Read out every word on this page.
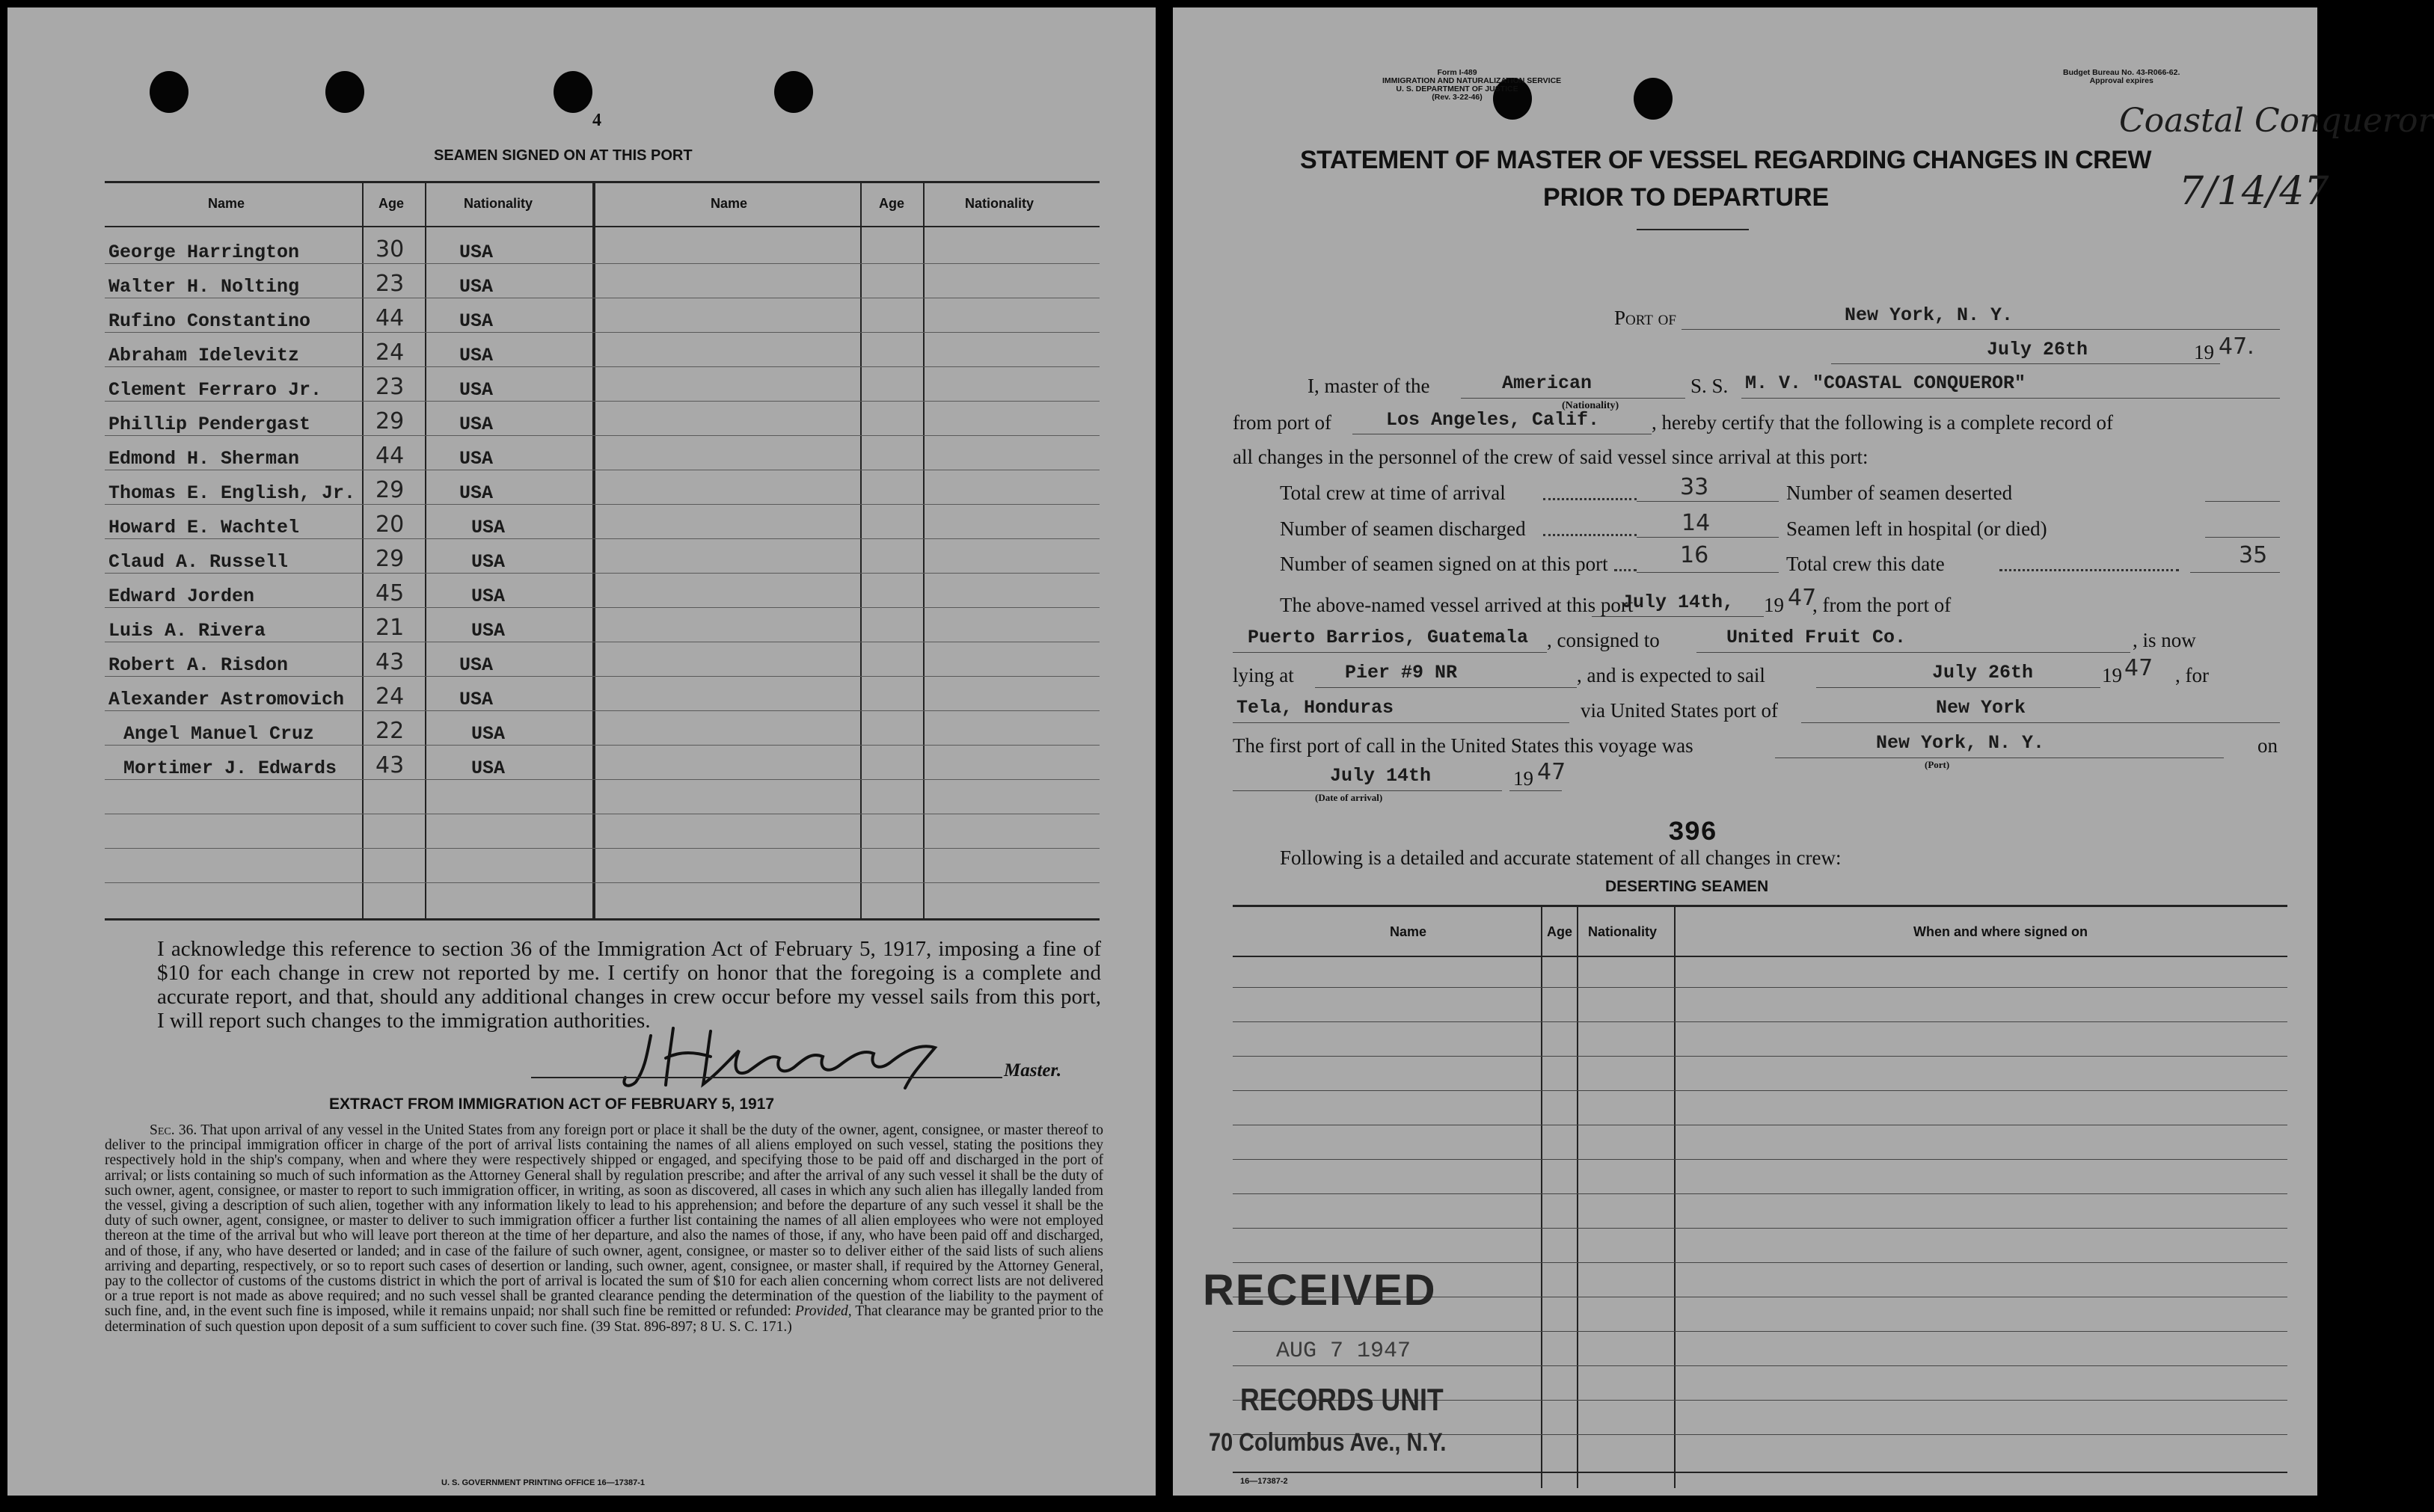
4
SEAMEN SIGNED ON AT THIS PORT
Name	Age	Nationality	Name	Age	Nationality
George Harrington	30	USA
Walter H. Nolting	23	USA
Rufino Constantino	44	USA
Abraham Idelevitz	24	USA
Clement Ferraro Jr. 23	USA
Phillip Pendergast	29	USA
Edmond H. Sherman	44	USA
Thomas E. English, Jr. 29	USA
Howard E. Wachtel	20	USA
Claud A. Russell	29	USA
Edward Jorden	45	USA
Luis A. Rivera	21	USA
Robert A. Risdon	43	USA
Alexander Astromovich 24	USA
Angel Manuel Cruz	22	USA
Mortimer J. Edwards 43	USA
I acknowledge this reference to section 36 of the Immigration Act of February 5, 1917, imposing a fine of $10 for each change in crew not reported by me. I certify on honor that the foregoing is a complete and accurate report, and that, should any additional changes in crew occur before my vessel sails from this port, I will report such changes to the immigration authorities.	JHStreeley
Master.
EXTRACT FROM IMMIGRATION ACT OF FEBRUARY 5, 1917
Sec. 36. That upon arrival of any vessel in the United States from any foreign port or place it shall be the duty of the owner, agent, consignee, or master thereof to deliver to the principal immigration officer in charge of the port of arrival lists containing the names of all aliens employed on such vessel, stating the positions they respectively hold in the ship's company, when and where they were respectively shipped or engaged, and specifying those to be paid off and discharged in the port of arrival; or lists containing so much of such information as the Attorney General shall by regulation prescribe; and after the arrival of any such vessel it shall be the duty of such owner, agent, consignee, or master to report to such immigration officer, in writing, as soon as discovered, all cases in which any such alien has illegally landed from the vessel, giving a description of such alien, together with any information likely to lead to his apprehension; and before the departure of any such vessel it shall be the duty of such owner, agent, consignee, or master to deliver to such immigration officer a further list containing the names of all alien employees who were not employed thereon at the time of the arrival but who will leave port thereon at the time of her departure, and also the names of those, if any, who have been paid off and discharged, and of those, if any, who have deserted or landed; and in case of the failure of such owner, agent, consignee, or master so to deliver either of the said lists of such aliens arriving and departing, respectively, or so to report such cases of desertion or landing, such owner, agent, consignee, or master shall, if required by the Attorney General, pay to the collector of customs of the customs district in which the port of arrival is located the sum of $10 for each alien concerning whom correct lists are not delivered or a true report is not made as above required; and no such vessel shall be granted clearance pending the determination of the question of the liability to the payment of such fine, and, in the event such fine is imposed, while it remains unpaid; nor shall such fine be remitted or refunded: Provided, That clearance may be granted prior to the determination of such question upon deposit of a sum sufficient to cover such fine. (39 Stat. 896-897; 8 U. S. C. 171.)
U. S. GOVERNMENT PRINTING OFFICE 16—17387-1
Form I-489
IMMIGRATION AND NATURALIZATION SERVICE
U. S. DEPARTMENT OF JUSTICE
(Rev. 3-22-46)
Budget Bureau No. 43-R066-62.
Approval expires
Coastal Conqueror
7/14/47
STATEMENT OF MASTER OF VESSEL REGARDING CHANGES IN CREW
PRIOR TO DEPARTURE
Port of	New York, N. Y.
July 26th	19 47.
I, master of the	American
(Nationality)
S. S. M. V. "COASTAL CONQUEROR"
from port of	Los Angeles, Calif.	, hereby certify that the following is a complete record of
all changes in the personnel of the crew of said vessel since arrival at this port:
Total crew at time of arrival	33	Number of seamen deserted
Number of seamen discharged	14	Seamen left in hospital (or died)
Number of seamen signed on at this port	16	Total crew this date	35
The above-named vessel arrived at this port
July 14th, 19 47
, from the port of
Puerto Barrios, Guatemala , consigned to	United Fruit Co.	, is now
lying at	Pier #9 NR	, and is expected to sail	July 26th	19 47 , for
Tela, Honduras	via United States port of	New York
The first port of call in the United States this voyage was	New York, N. Y.
(Port)
on
July 14th
(Date of arrival)
19 47
396
Following is a detailed and accurate statement of all changes in crew:
DESERTING SEAMEN
Name	Age Nationality	When and where signed on
RECEIVED
AUG 7 1947
RECORDS UNIT
70 Columbus Ave., N.Y.
16—17387-2
